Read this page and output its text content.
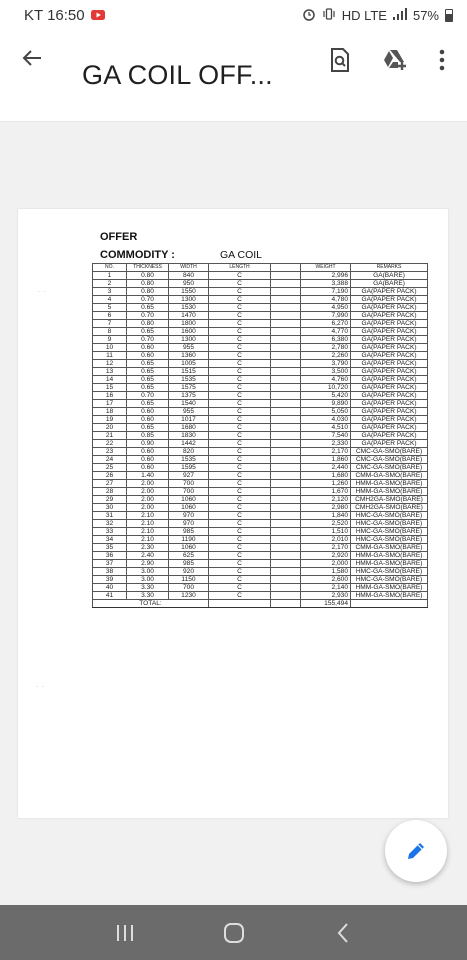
KT 16:50	HD LTE 57%
GA COIL OFF...
OFFER
COMMODITY :	GA COIL
·  ·
·  ·
NO.	THICKNESS	WIDTH	LENGTH		WEIGHT	REMARKS
1	0.80	840	C		2,996	GA(BARE)
2	0.80	950	C		3,388	GA(BARE)
3	0.80	1550	C		7,190	GA(PAPER PACK)
4	0.70	1300	C		4,780	GA(PAPER PACK)
5	0.65	1530	C		4,950	GA(PAPER PACK)
6	0.70	1470	C		7,990	GA(PAPER PACK)
7	0.80	1800	C		6,270	GA(PAPER PACK)
8	0.65	1600	C		4,770	GA(PAPER PACK)
9	0.70	1300	C		6,380	GA(PAPER PACK)
10	0.60	955	C		2,780	GA(PAPER PACK)
11	0.60	1360	C		2,260	GA(PAPER PACK)
12	0.65	1005	C		3,790	GA(PAPER PACK)
13	0.65	1515	C		3,500	GA(PAPER PACK)
14	0.65	1535	C		4,760	GA(PAPER PACK)
15	0.65	1575	C		10,720	GA(PAPER PACK)
16	0.70	1375	C		5,420	GA(PAPER PACK)
17	0.65	1540	C		9,890	GA(PAPER PACK)
18	0.60	955	C		5,050	GA(PAPER PACK)
19	0.60	1017	C		4,030	GA(PAPER PACK)
20	0.65	1680	C		4,510	GA(PAPER PACK)
21	0.85	1830	C		7,540	GA(PAPER PACK)
22	0.90	1442	C		2,330	GA(PAPER PACK)
23	0.60	820	C		2,170	CMC-GA-SMO(BARE)
24	0.60	1535	C		1,860	CMC-GA-SMO(BARE)
25	0.60	1595	C		2,440	CMC-GA-SMO(BARE)
26	1.40	927	C		1,680	CMM-GA-SMO(BARE)
27	2.00	700	C		1,260	HMM-GA-SMO(BARE)
28	2.00	700	C		1,670	HMM-GA-SMO(BARE)
29	2.00	1060	C		2,120	CMH2GA-SMO(BARE)
30	2.00	1060	C		2,980	CMH2GA-SMO(BARE)
31	2.10	970	C		1,840	HMC-GA-SMO(BARE)
32	2.10	970	C		2,520	HMC-GA-SMO(BARE)
33	2.10	985	C		1,510	HMC-GA-SMO(BARE)
34	2.10	1190	C		2,010	HMC-GA-SMO(BARE)
35	2.30	1060	C		2,170	CMM-GA-SMO(BARE)
36	2.40	625	C		2,920	HMM-GA-SMO(BARE)
37	2.90	985	C		2,000	HMM-GA-SMO(BARE)
38	3.00	920	C		1,580	HMC-GA-SMO(BARE)
39	3.00	1150	C		2,600	HMC-GA-SMO(BARE)
40	3.30	700	C		2,140	HMM-GA-SMO(BARE)
41	3.30	1230	C		2,930	HMM-GA-SMO(BARE)
TOTAL:					155,494	
